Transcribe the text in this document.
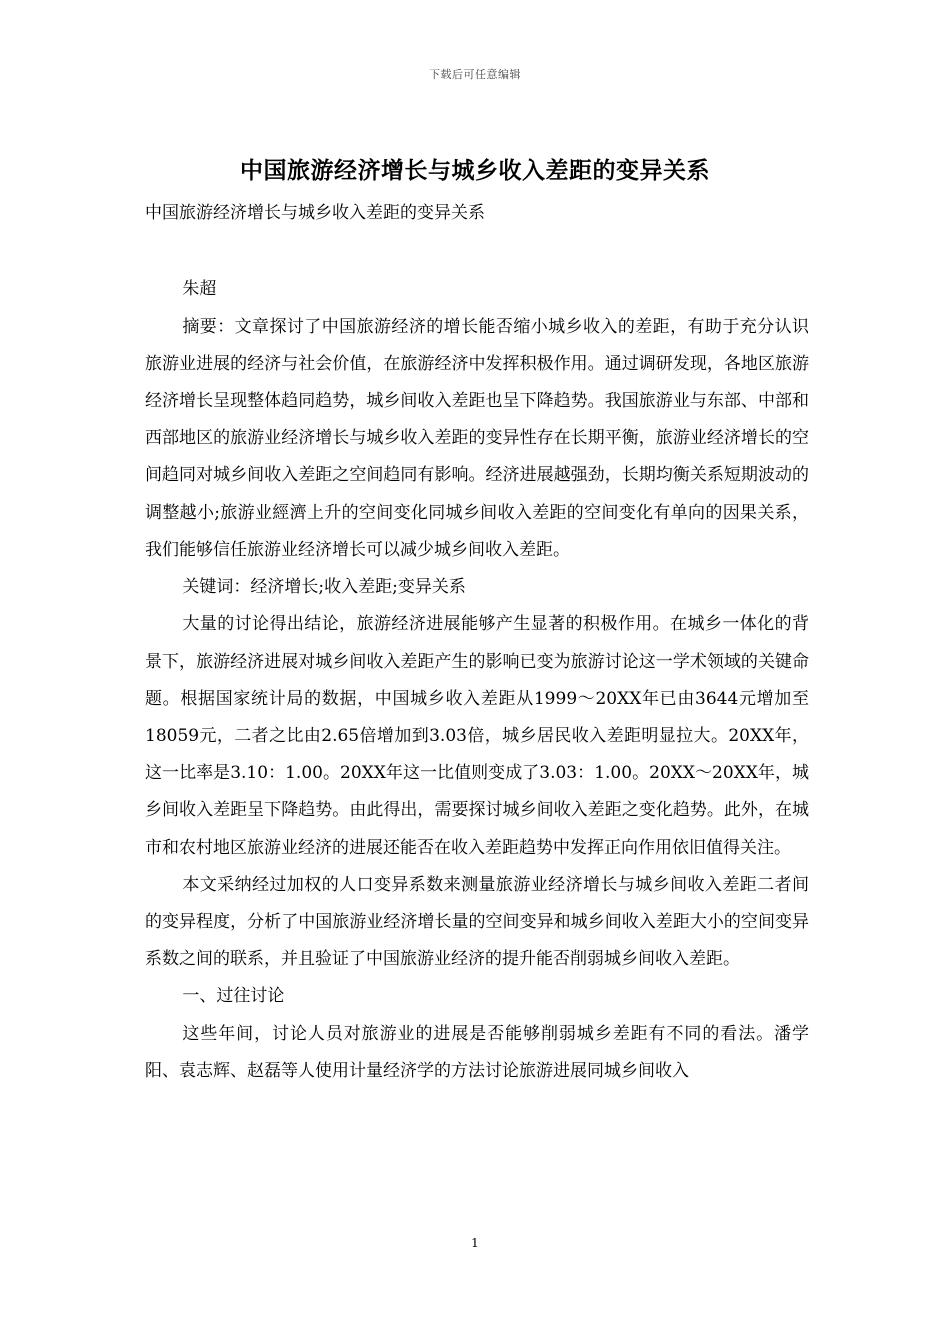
下载后可任意编辑
中国旅游经济增长与城乡收入差距的变异关系
中国旅游经济增长与城乡收入差距的变异关系

朱超

摘要：文章探讨了中国旅游经济的增长能否缩小城乡收入的差距，有助于充分认识旅游业进展的经济与社会价值，在旅游经济中发挥积极作用。通过调研发现，各地区旅游经济增长呈现整体趋同趋势，城乡间收入差距也呈下降趋势。我国旅游业与东部、中部和西部地区的旅游业经济增长与城乡收入差距的变异性存在长期平衡，旅游业经济增长的空间趋同对城乡间收入差距之空间趋同有影响。经济进展越强劲，长期均衡关系短期波动的调整越小;旅游业經濟上升的空间变化同城乡间收入差距的空间变化有单向的因果关系，我们能够信任旅游业经济增长可以减少城乡间收入差距。

关键词：经济增长;收入差距;变异关系

大量的讨论得出结论，旅游经济进展能够产生显著的积极作用。在城乡一体化的背景下，旅游经济进展对城乡间收入差距产生的影响已变为旅游讨论这一学术领域的关键命题。根据国家统计局的数据，中国城乡收入差距从1999～20XX年已由3644元增加至18059元，二者之比由2.65倍增加到3.03倍，城乡居民收入差距明显拉大。20XX年，这一比率是3.10：1.00。20XX年这一比值则变成了3.03：1.00。20XX～20XX年，城乡间收入差距呈下降趋势。由此得出，需要探讨城乡间收入差距之变化趋势。此外，在城市和农村地区旅游业经济的进展还能否在收入差距趋势中发挥正向作用依旧值得关注。

本文采纳经过加权的人口变异系数来测量旅游业经济增长与城乡间收入差距二者间的变异程度，分析了中国旅游业经济增长量的空间变异和城乡间收入差距大小的空间变异系数之间的联系，并且验证了中国旅游业经济的提升能否削弱城乡间收入差距。

一、过往讨论

这些年间，讨论人员对旅游业的进展是否能够削弱城乡差距有不同的看法。潘学阳、袁志辉、赵磊等人使用计量经济学的方法讨论旅游进展同城乡间收入

1
